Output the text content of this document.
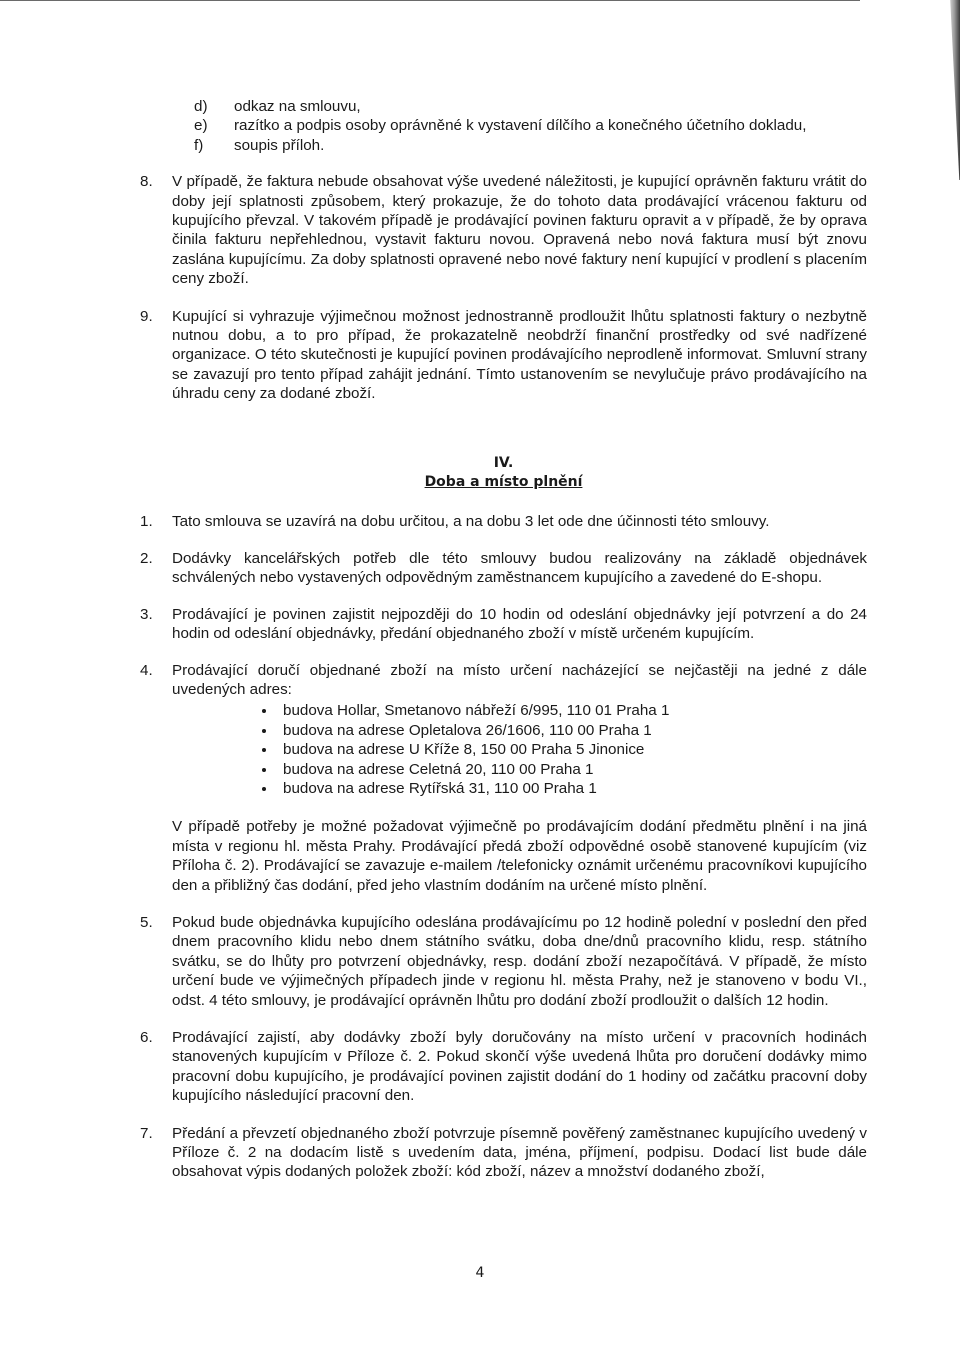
d)	odkaz na smlouvu,
e)	razítko a podpis osoby oprávněné k vystavení dílčího a konečného účetního dokladu,
f)	soupis příloh.
8.	V případě, že faktura nebude obsahovat výše uvedené náležitosti, je kupující oprávněn fakturu vrátit do doby její splatnosti způsobem, který prokazuje, že do tohoto data prodávající vrácenou fakturu od kupujícího převzal. V takovém případě je prodávající povinen fakturu opravit a v případě, že by oprava činila fakturu nepřehlednou, vystavit fakturu novou. Opravená nebo nová faktura musí být znovu zaslána kupujícímu. Za doby splatnosti opravené nebo nové faktury není kupující v prodlení s placením ceny zboží.
9.	Kupující si vyhrazuje výjimečnou možnost jednostranně prodloužit lhůtu splatnosti faktury o nezbytně nutnou dobu, a to pro případ, že prokazatelně neobdrží finanční prostředky od své nadřízené organizace. O této skutečnosti je kupující povinen prodávajícího neprodleně informovat. Smluvní strany se zavazují pro tento případ zahájit jednání. Tímto ustanovením se nevylučuje právo prodávajícího na úhradu ceny za dodané zboží.
IV.
Doba a místo plnění
1.	Tato smlouva se uzavírá na dobu určitou, a na dobu 3 let ode dne účinnosti této smlouvy.
2.	Dodávky kancelářských potřeb dle této smlouvy budou realizovány na základě objednávek schválených nebo vystavených odpovědným zaměstnancem kupujícího a zavedené do E-shopu.
3.	Prodávající je povinen zajistit nejpozději do 10 hodin od odeslání objednávky její potvrzení a do 24 hodin od odeslání objednávky, předání objednaného zboží v místě určeném kupujícím.
4.	Prodávající doručí objednané zboží na místo určení nacházející se nejčastěji na jedné z dále uvedených adres:
• budova Hollar, Smetanovo nábřeží 6/995, 110 01 Praha 1
• budova na adrese Opletalova 26/1606, 110 00 Praha 1
• budova na adrese U Kříže 8, 150 00 Praha 5 Jinonice
• budova na adrese Celetná 20, 110 00 Praha 1
• budova na adrese Rytířská 31, 110 00 Praha 1
V případě potřeby je možné požadovat výjimečně po prodávajícím dodání předmětu plnění i na jiná místa v regionu hl. města Prahy. Prodávající předá zboží odpovědné osobě stanovené kupujícím (viz Příloha č. 2). Prodávající se zavazuje e-mailem /telefonicky oznámit určenému pracovníkovi kupujícího den a přibližný čas dodání, před jeho vlastním dodáním na určené místo plnění.
5.	Pokud bude objednávka kupujícího odeslána prodávajícímu po 12 hodině polední v poslední den před dnem pracovního klidu nebo dnem státního svátku, doba dne/dnů pracovního klidu, resp. státního svátku, se do lhůty pro potvrzení objednávky, resp. dodání zboží nezapočítává. V případě, že místo určení bude ve výjimečných případech jinde v regionu hl. města Prahy, než je stanoveno v bodu VI., odst. 4 této smlouvy, je prodávající oprávněn lhůtu pro dodání zboží prodloužit o dalších 12 hodin.
6.	Prodávající zajistí, aby dodávky zboží byly doručovány na místo určení v pracovních hodinách stanovených kupujícím v Příloze č. 2. Pokud skončí výše uvedená lhůta pro doručení dodávky mimo pracovní dobu kupujícího, je prodávající povinen zajistit dodání do 1 hodiny od začátku pracovní doby kupujícího následující pracovní den.
7.	Předání a převzetí objednaného zboží potvrzuje písemně pověřený zaměstnanec kupujícího uvedený v Příloze č. 2 na dodacím listě s uvedením data, jména, příjmení, podpisu. Dodací list bude dále obsahovat výpis dodaných položek zboží: kód zboží, název a množství dodaného zboží,
4
